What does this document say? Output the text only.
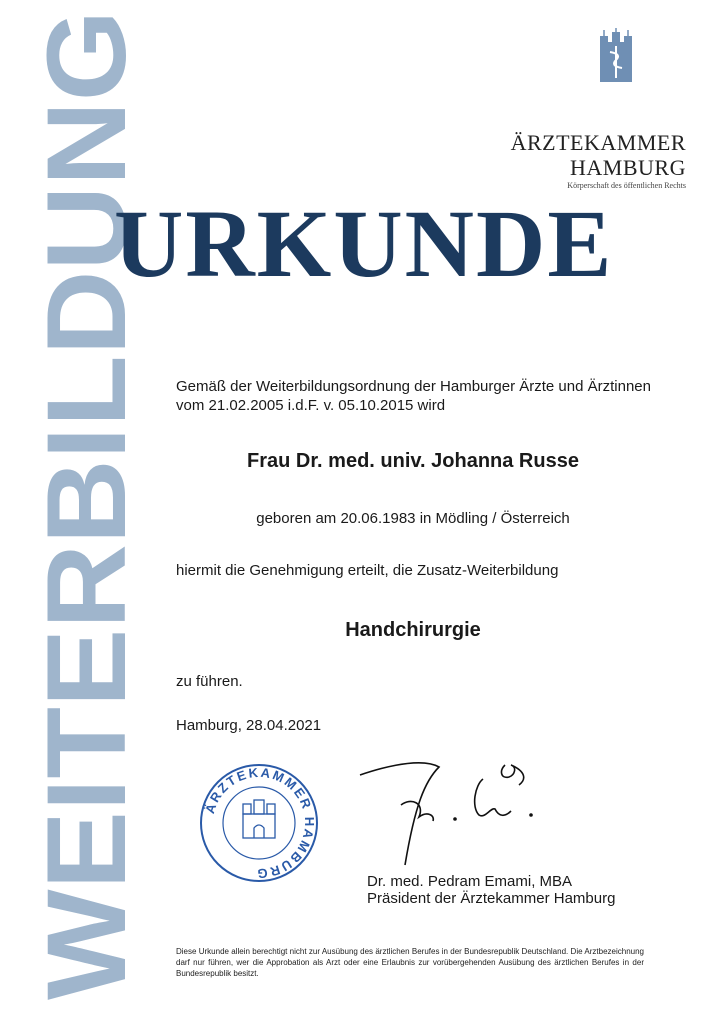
WEITERBILDUNG	ÄRZTEKAMMER
HAMBURG
Körperschaft des öffentlichen Rechts
URKUNDE
Gemäß der Weiterbildungsordnung der Hamburger Ärzte und Ärztinnen
vom 21.02.2005 i.d.F. v. 05.10.2015 wird
Frau Dr. med. univ. Johanna Russe
geboren am 20.06.1983 in Mödling / Österreich
hiermit die Genehmigung erteilt, die Zusatz-Weiterbildung
Handchirurgie
zu führen.
Hamburg, 28.04.2021
ÄRZTEKAMMER HAMBURG	Dr. med. Pedram Emami, MBA
Präsident der Ärztekammer Hamburg
Diese Urkunde allein berechtigt nicht zur Ausübung des ärztlichen Berufes in der Bundesrepublik Deutschland. Die Arztbezeichnung darf nur führen, wer die Approbation als Arzt oder eine Erlaubnis zur vorübergehenden Ausübung des ärztlichen Berufes in der Bundesrepublik besitzt.
